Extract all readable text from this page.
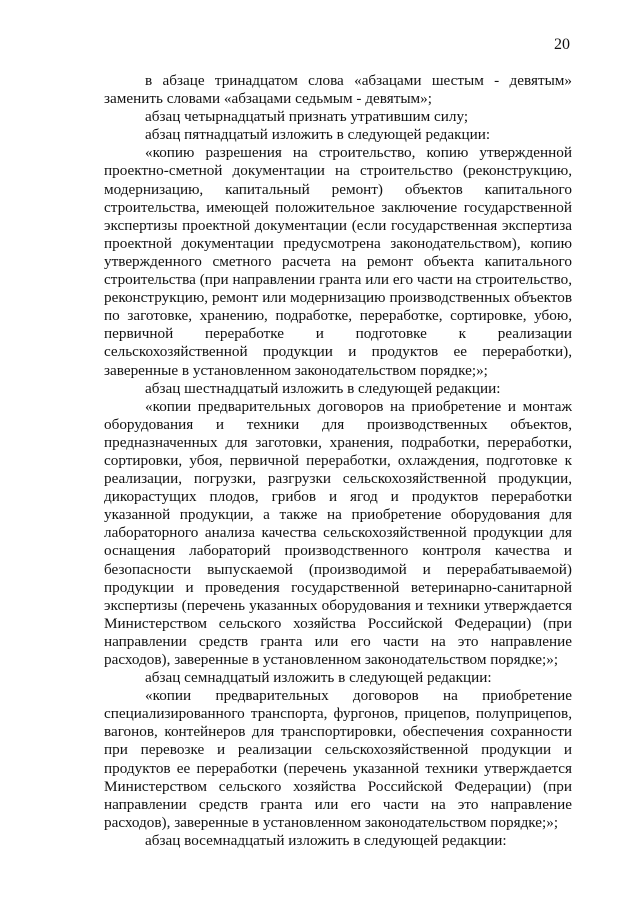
20

в абзаце тринадцатом слова «абзацами шестым - девятым» заменить словами «абзацами седьмым - девятым»;

абзац четырнадцатый признать утратившим силу;

абзац пятнадцатый изложить в следующей редакции:

«копию разрешения на строительство, копию утвержденной проектно-сметной документации на строительство (реконструкцию, модернизацию, капитальный ремонт) объектов капитального строительства, имеющей положительное заключение государственной экспертизы проектной документации (если государственная экспертиза проектной документации предусмотрена законодательством), копию утвержденного сметного расчета на ремонт объекта капитального строительства (при направлении гранта или его части на строительство, реконструкцию, ремонт или модернизацию производственных объектов по заготовке, хранению, подработке, переработке, сортировке, убою, первичной переработке и подготовке к реализации сельскохозяйственной продукции и продуктов ее переработки), заверенные в установленном законодательством порядке;»;

абзац шестнадцатый изложить в следующей редакции:

«копии предварительных договоров на приобретение и монтаж оборудования и техники для производственных объектов, предназначенных для заготовки, хранения, подработки, переработки, сортировки, убоя, первичной переработки, охлаждения, подготовке к реализации, погрузки, разгрузки сельскохозяйственной продукции, дикорастущих плодов, грибов и ягод и продуктов переработки указанной продукции, а также на приобретение оборудования для лабораторного анализа качества сельскохозяйственной продукции для оснащения лабораторий производственного контроля качества и безопасности выпускаемой (производимой и перерабатываемой) продукции и проведения государственной ветеринарно-санитарной экспертизы (перечень указанных оборудования и техники утверждается Министерством сельского хозяйства Российской Федерации) (при направлении средств гранта или его части на это направление расходов), заверенные в установленном законодательством порядке;»;

абзац семнадцатый изложить в следующей редакции:

«копии предварительных договоров на приобретение специализированного транспорта, фургонов, прицепов, полуприцепов, вагонов, контейнеров для транспортировки, обеспечения сохранности при перевозке и реализации сельскохозяйственной продукции и продуктов ее переработки (перечень указанной техники утверждается Министерством сельского хозяйства Российской Федерации) (при направлении средств гранта или его части на это направление расходов), заверенные в установленном законодательством порядке;»;

абзац восемнадцатый изложить в следующей редакции:
